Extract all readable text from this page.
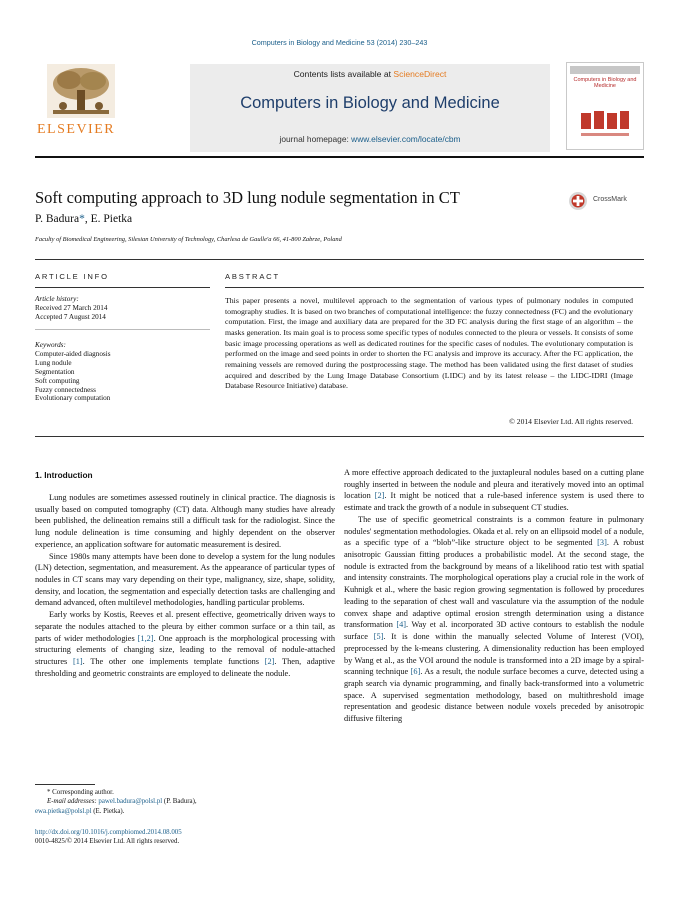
Computers in Biology and Medicine 53 (2014) 230–243
ELSEVIER
Contents lists available at ScienceDirect
Computers in Biology and Medicine
journal homepage: www.elsevier.com/locate/cbm
Computers in Biology and Medicine
Soft computing approach to 3D lung nodule segmentation in CT	CrossMark
P. Badura*, E. Pietka
Faculty of Biomedical Engineering, Silesian University of Technology, Charlesa de Gaulle'a 66, 41-800 Zabrze, Poland
ARTICLE INFO
Article history:
Received 27 March 2014
Accepted 7 August 2014
Keywords:
Computer-aided diagnosis
Lung nodule
Segmentation
Soft computing
Fuzzy connectedness
Evolutionary computation
ABSTRACT
This paper presents a novel, multilevel approach to the segmentation of various types of pulmonary nodules in computed tomography studies. It is based on two branches of computational intelligence: the fuzzy connectedness (FC) and the evolutionary computation. First, the image and auxiliary data are prepared for the 3D FC analysis during the first stage of an algorithm – the masks generation. Its main goal is to process some specific types of nodules connected to the pleura or vessels. It consists of some basic image processing operations as well as dedicated routines for the specific cases of nodules. The evolutionary computation is performed on the image and seed points in order to shorten the FC analysis and improve its accuracy. After the FC application, the remaining vessels are removed during the postprocessing stage. The method has been validated using the first dataset of studies acquired and described by the Lung Image Database Consortium (LIDC) and by its latest release – the LIDC-IDRI (Image Database Resource Initiative) database.
© 2014 Elsevier Ltd. All rights reserved.
1. Introduction

Lung nodules are sometimes assessed routinely in clinical practice. The diagnosis is usually based on computed tomography (CT) data. Although many studies have already been published, the delineation remains still a difficult task for the radiologist. Since the lung nodule delineation is time consuming and highly dependent on the observer experience, an application software for automatic measurement is desired.

Since 1980s many attempts have been done to develop a system for the lung nodules (LN) detection, segmentation, and measurement. As the appearance of particular types of nodules in CT scans may vary depending on their type, malignancy, size, shape, solidity, density, and location, the segmentation and especially detection tasks are challenging and demand advanced, often multilevel methodologies, handling particular problems.

Early works by Kostis, Reeves et al. present effective, geometrically driven ways to separate the nodules attached to the pleura by either common surface or a thin tail, as parts of wider methodologies [1,2]. One approach is the morphological processing with structuring elements of changing size, leading to the removal of nodule-attached structures [1]. The other one implements template functions [2]. Then, adaptive thresholding and geometric constraints are employed to delineate the nodule.

A more effective approach dedicated to the juxtapleural nodules based on a cutting plane roughly inserted in between the nodule and pleura and iteratively moved into an optimal location [2]. It might be noticed that a rule-based inference system is used there to estimate and track the growth of a nodule in subsequent CT studies.

The use of specific geometrical constraints is a common feature in pulmonary nodules' segmentation methodologies. Okada et al. rely on an ellipsoid model of a nodule, as a specific type of a “blob”-like structure object to be segmented [3]. A robust anisotropic Gaussian fitting produces a probabilistic model. At the second stage, the nodule is extracted from the background by means of a likelihood ratio test with spatial and intensity constraints. The morphological operations play a crucial role in the work of Kuhnigk et al., where the basic region growing segmentation is followed by procedures leading to the separation of chest wall and vasculature via the assumption of the nodule convex shape and adaptive optimal erosion strength determination using a distance transformation [4]. Way et al. incorporated 3D active contours to establish the nodule surface [5]. It is done within the manually selected Volume of Interest (VOI), preprocessed by the k-means clustering. A dimensionality reduction has been employed by Wang et al., as the VOI around the nodule is transformed into a 2D image by a spiral-scanning technique [6]. As a result, the nodule surface becomes a curve, detected using a graph search via dynamic programming, and finally back-transformed into a volumetric space. A supervised segmentation methodology, based on multithreshold image representation and geodesic distance between nodule voxels preceded by anisotropic diffusive filtering

* Corresponding author.
E-mail addresses: pawel.badura@polsl.pl (P. Badura),
ewa.pietka@polsl.pl (E. Pietka).
http://dx.doi.org/10.1016/j.compbiomed.2014.08.005
0010-4825/© 2014 Elsevier Ltd. All rights reserved.
